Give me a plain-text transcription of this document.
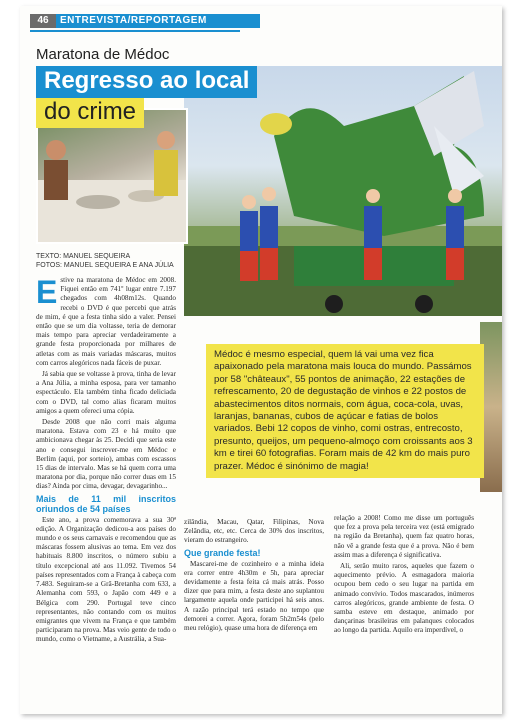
46	ENTREVISTA/REPORTAGEM
Maratona de Médoc
Regresso ao local
do crime
TEXTO: MANUEL SEQUEIRA
FOTOS: MANUEL SEQUEIRA E ANA JÚLIA
E stive na maratona de Médoc em 2008. Fiquei então em 741º lugar entre 7.197 chegados com 4h08m12s. Quando recebi o DVD é que percebi que atrás de mim, é que a festa tinha sido a valer. Pensei então que se um dia voltasse, teria de demorar mais tempo para apreciar verdadeiramente a grande festa proporcionada por milhares de atletas com as mais variadas máscaras, muitos com carros alegóricos nada fáceis de puxar.

Já sabia que se voltasse à prova, tinha de levar a Ana Júlia, a minha esposa, para ver tamanho espectáculo. Ela também tinha ficado deliciada com o DVD, tal como alias ficaram muitos amigos a quem ofereci uma cópia.

Desde 2008 que não corri mais alguma maratona. Estava com 23 e há muito que ambicionava chegar às 25. Decidi que seria este ano e consegui inscrever-me em Médoc e Berlim (aqui, por sorteio), ambas com escassos 15 dias de intervalo. Mas se há quem corra uma maratona por dia, porque não correr duas em 15 dias? Ainda por cima, devagar, devagarinho...

Mais de 11 mil inscritos oriundos de 54 países

Este ano, a prova comemorava a sua 30ª edição. A Organização dedicou-a aos países do mundo e os seus carnavais e recomendou que as máscaras fossem alusivas ao tema. Em vez dos habituais 8.800 inscritos, o número subiu a título excepcional até aos 11.092. Tivemos 54 países representados com a França à cabeça com 7.483. Seguiram-se a Grã-Bretanha com 633, a Alemanha com 593, o Japão com 449 e a Bélgica com 290. Portugal teve cinco representantes, não contando com os muitos emigrantes que vivem na França e que também participaram na prova. Mas veio gente de todo o mundo, como o Vietname, a Austrália, a Sua-

Médoc é mesmo especial, quem lá vai uma vez fica apaixonado pela maratona mais louca do mundo. Passámos por 58 "châteaux", 55 pontos de animação, 22 estações de refrescamento, 20 de degustação de vinhos e 22 postos de abastecimentos ditos normais, com água, coca-cola, uvas, laranjas, bananas, cubos de açúcar e fatias de bolos variados. Bebi 12 copos de vinho, comi ostras, entrecosto, presunto, queijos, um pequeno-almoço com croissants aos 3 km e tirei 60 fotografias. Foram mais de 42 km do mais puro prazer. Médoc é sinónimo de magia!

zilândia, Macau, Qatar, Filipinas, Nova Zelândia, etc, etc. Cerca de 30% dos inscritos, vieram do estrangeiro.

Que grande festa!

Mascarei-me de cozinheiro e a minha ideia era correr entre 4h30m e 5h, para apreciar devidamente a festa feita cá mais atrás. Posso dizer que para mim, a festa deste ano suplantou largamente aquela onde participei há seis anos. A razão principal terá estado no tempo que demorei a correr. Agora, foram 5h2m54s (pelo meu relógio), quase uma hora de diferença em

relação a 2008! Como me disse um português que fez a prova pela terceira vez (está emigrado na região da Bretanha), quem faz quatro horas, não vê a grande festa que é a prova. Não é bem assim mas a diferença é significativa.

Ali, serão muito raros, aqueles que fazem o aquecimento prévio. A esmagadora maioria ocupou bem cedo o seu lugar na partida em animado convívio. Todos mascarados, inúmeros carros alegóricos, grande ambiente de festa. O samba esteve em destaque, animado por dançarinas brasileiras em palanques colocados ao longo da partida. Aquilo era imperdível, o
